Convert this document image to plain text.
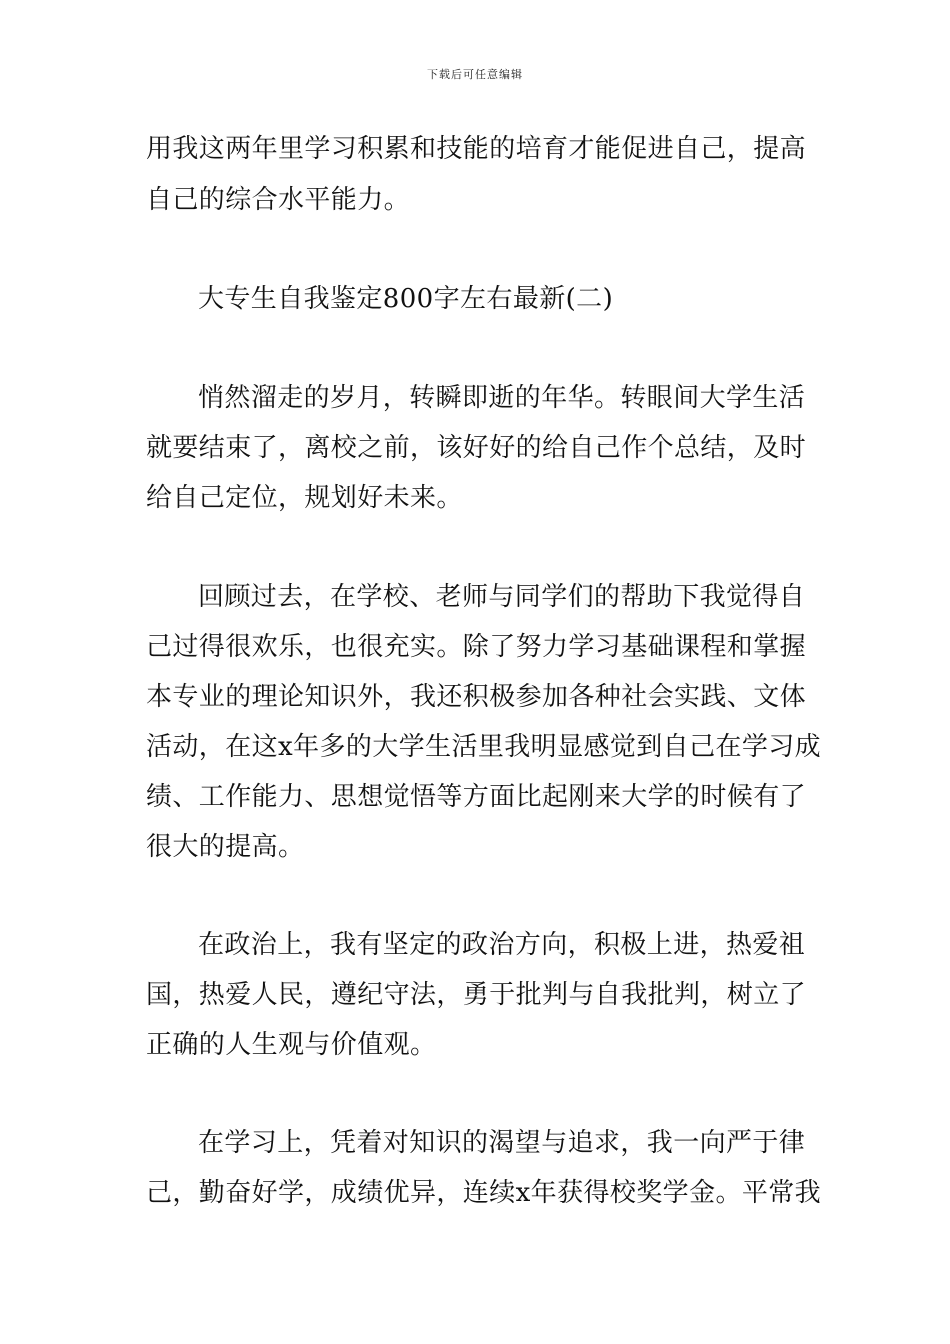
下载后可任意编辑
用我这两年里学习积累和技能的培育才能促进自己，提高
自己的综合水平能力。
大专生自我鉴定800字左右最新(二)
悄然溜走的岁月，转瞬即逝的年华。转眼间大学生活
就要结束了，离校之前，该好好的给自己作个总结，及时
给自己定位，规划好未来。
回顾过去，在学校、老师与同学们的帮助下我觉得自
己过得很欢乐，也很充实。除了努力学习基础课程和掌握
本专业的理论知识外，我还积极参加各种社会实践、文体
活动，在这x年多的大学生活里我明显感觉到自己在学习成
绩、工作能力、思想觉悟等方面比起刚来大学的时候有了
很大的提高。
在政治上，我有坚定的政治方向，积极上进，热爱祖
国，热爱人民，遵纪守法，勇于批判与自我批判，树立了
正确的人生观与价值观。
在学习上，凭着对知识的渴望与追求，我一向严于律
己，勤奋好学，成绩优异，连续x年获得校奖学金。平常我
